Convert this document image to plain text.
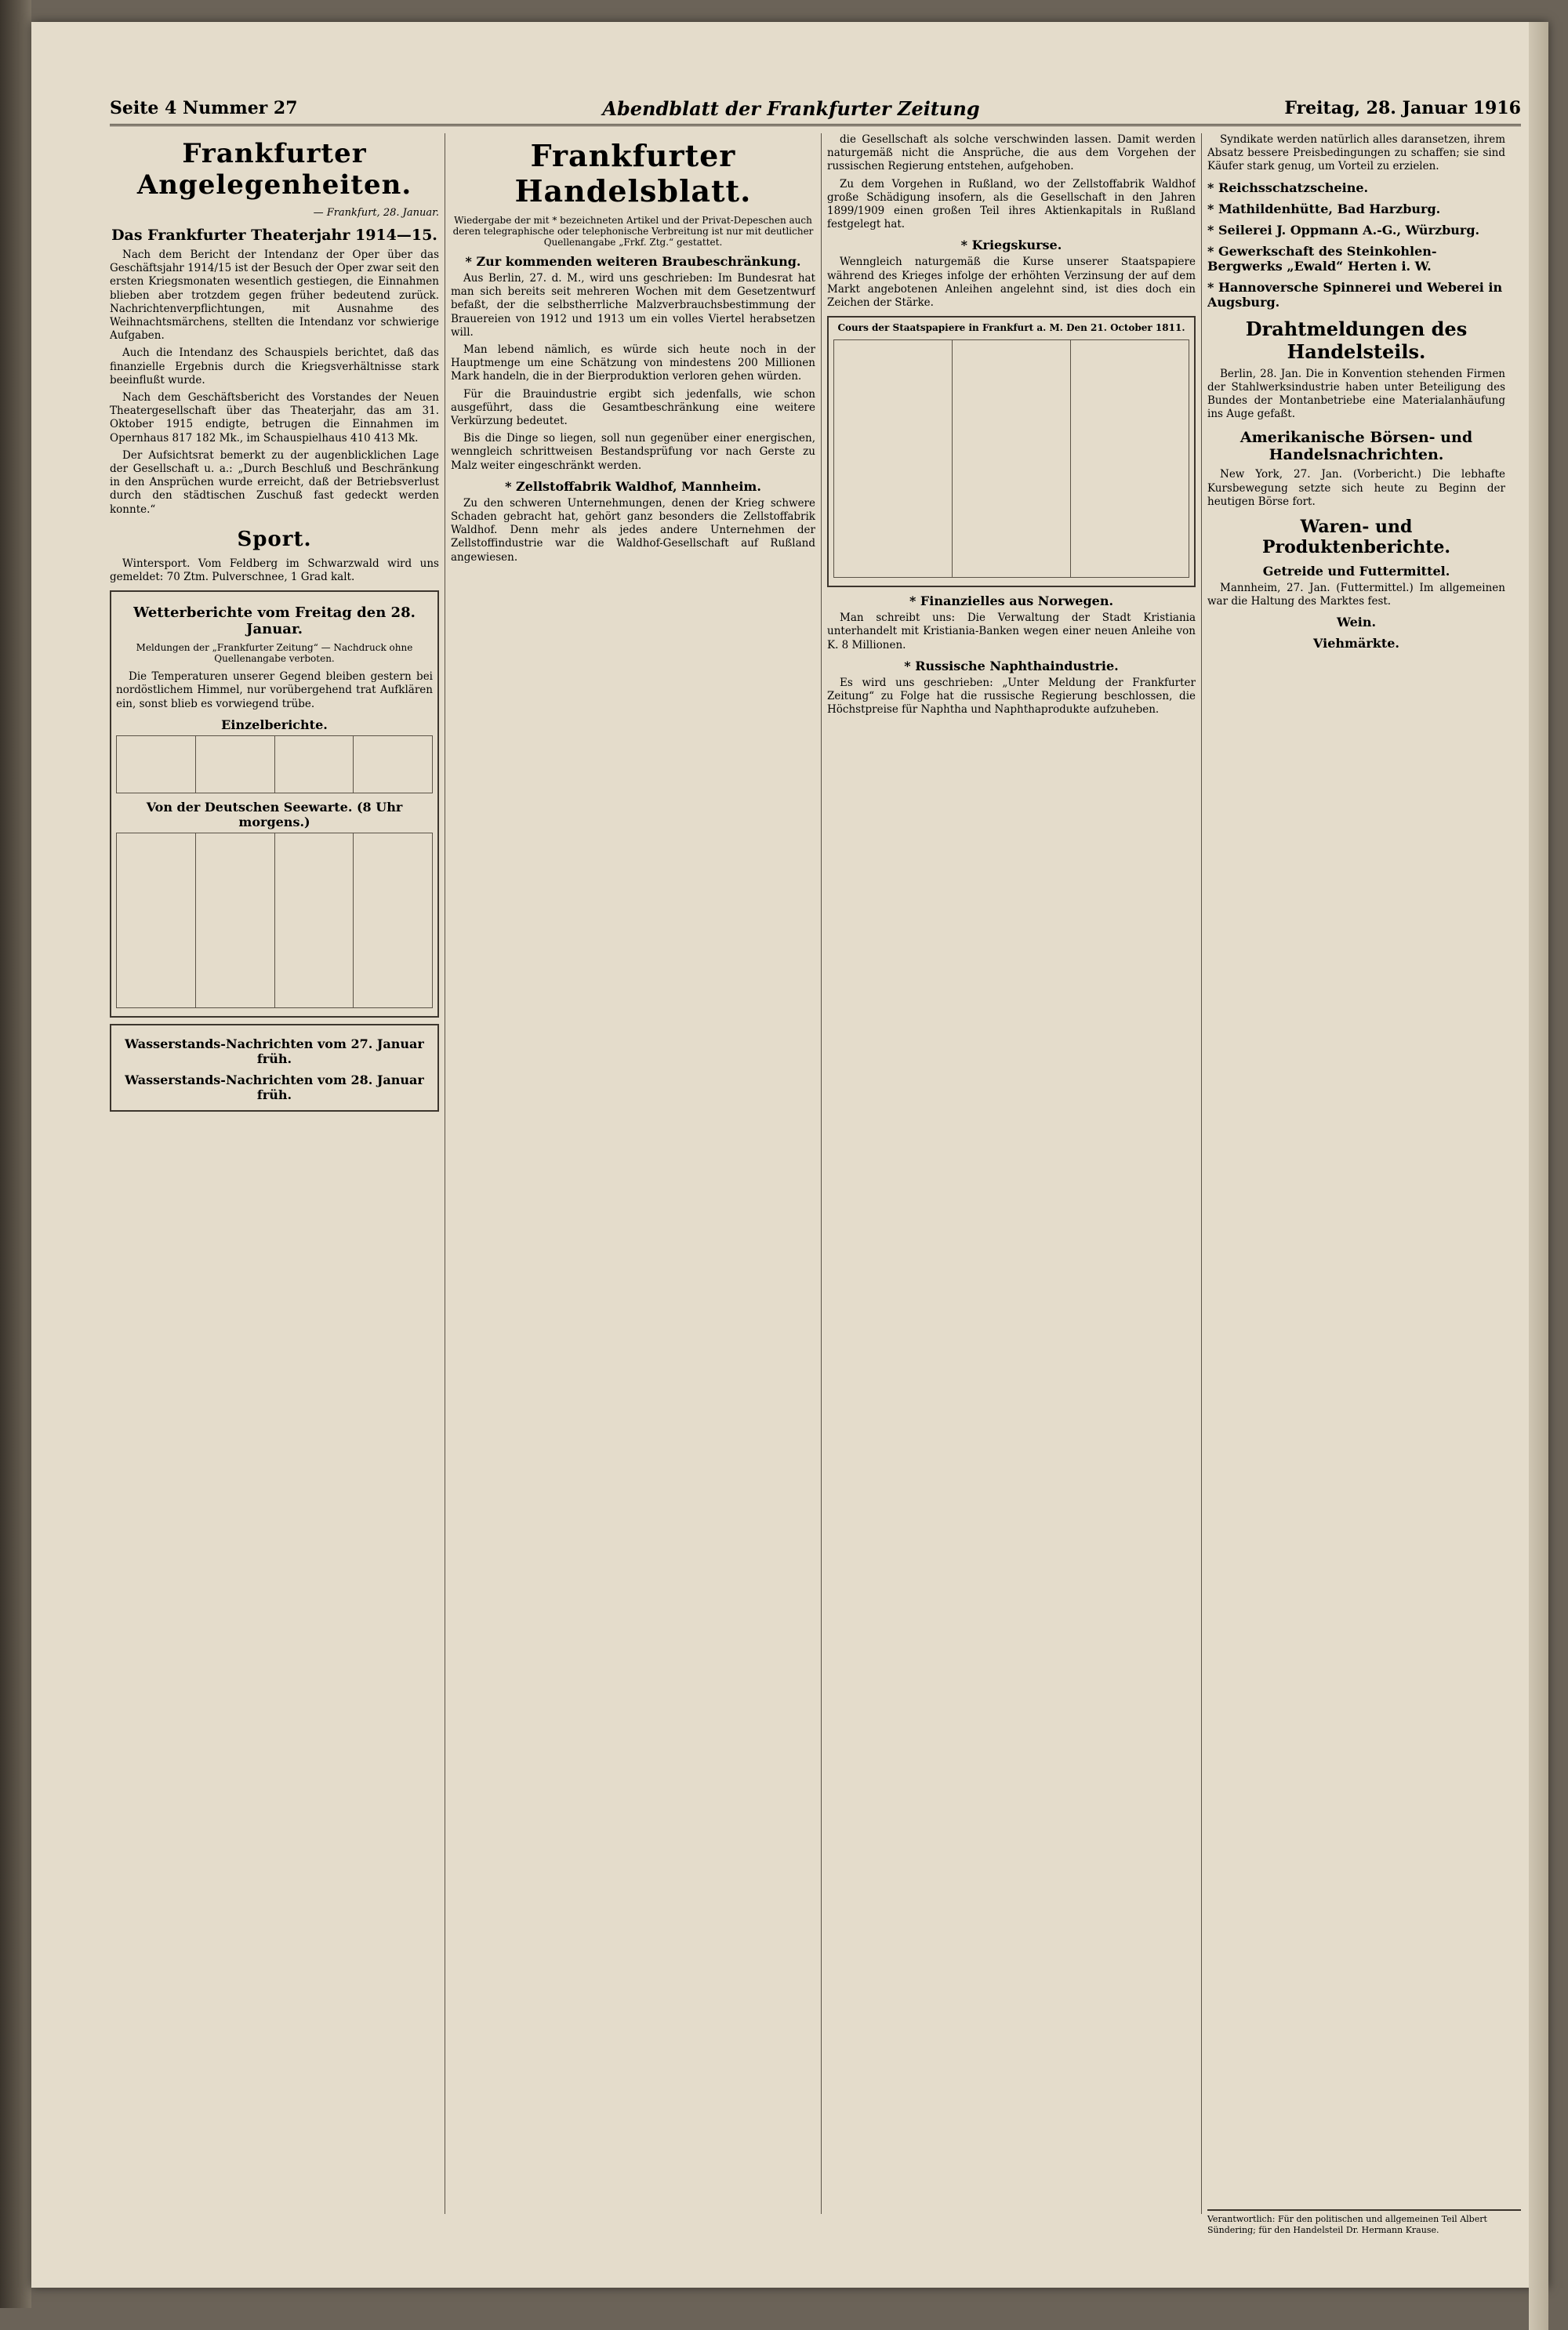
Seite 4 Nummer 27	Abendblatt der Frankfurter Zeitung	Freitag, 28. Januar 1916
Frankfurter Angelegenheiten.
— Frankfurt, 28. Januar.
Das Frankfurter Theaterjahr 1914—15.

Nach dem Bericht der Intendanz der Oper über das Geschäftsjahr 1914/15 ist der Besuch der Oper zwar seit den ersten Kriegsmonaten wesentlich gestiegen, die Einnahmen blieben aber trotzdem gegen früher bedeutend zurück. Nachrichtenverpflichtungen, mit Ausnahme des Weihnachtsmärchens, stellten die Intendanz vor schwierige Aufgaben.

Auch die Intendanz des Schauspiels berichtet, daß das finanzielle Ergebnis durch die Kriegsverhältnisse stark beeinflußt wurde.

Nach dem Geschäftsbericht des Vorstandes der Neuen Theatergesellschaft über das Theaterjahr, das am 31. Oktober 1915 endigte, betrugen die Einnahmen im Opernhaus 817 182 Mk., im Schauspielhaus 410 413 Mk.

Der Aufsichtsrat bemerkt zu der augenblicklichen Lage der Gesellschaft u. a.: „Durch Beschluß und Beschränkung in den Ansprüchen wurde erreicht, daß der Betriebsverlust durch den städtischen Zuschuß fast gedeckt werden konnte.“

Sport.

Wintersport. Vom Feldberg im Schwarzwald wird uns gemeldet: 70 Ztm. Pulverschnee, 1 Grad kalt.

Wetterberichte vom Freitag den 28. Januar.
Meldungen der „Frankfurter Zeitung“ — Nachdruck ohne Quellenangabe verboten.

Die Temperaturen unserer Gegend bleiben gestern bei nordöstlichem Himmel, nur vorübergehend trat Aufklären ein, sonst blieb es vorwiegend trübe.

Einzelberichte.

Von der Deutschen Seewarte. (8 Uhr morgens.)

Wasserstands-Nachrichten vom 27. Januar früh.
Wasserstands-Nachrichten vom 28. Januar früh.
Frankfurter Handelsblatt.
Wiedergabe der mit * bezeichneten Artikel und der Privat-Depeschen auch deren telegraphische oder telephonische Verbreitung ist nur mit deutlicher Quellenangabe „Frkf. Ztg.“ gestattet.
* Zur kommenden weiteren Braubeschränkung.

Aus Berlin, 27. d. M., wird uns geschrieben: Im Bundesrat hat man sich bereits seit mehreren Wochen mit dem Gesetzentwurf befaßt, der die selbstherrliche Malzverbrauchsbestimmung der Brauereien von 1912 und 1913 um ein volles Viertel herabsetzen will.

Man lebend nämlich, es würde sich heute noch in der Hauptmenge um eine Schätzung von mindestens 200 Millionen Mark handeln, die in der Bierproduktion verloren gehen würden.

Für die Brauindustrie ergibt sich jedenfalls, wie schon ausgeführt, dass die Gesamtbeschränkung eine weitere Verkürzung bedeutet.

Bis die Dinge so liegen, soll nun gegenüber einer energischen, wenngleich schrittweisen Bestandsprüfung vor nach Gerste zu Malz weiter eingeschränkt werden.

* Zellstoffabrik Waldhof, Mannheim.

Zu den schweren Unternehmungen, denen der Krieg schwere Schaden gebracht hat, gehört ganz besonders die Zellstoffabrik Waldhof. Denn mehr als jedes andere Unternehmen der Zellstoffindustrie war die Waldhof-Gesellschaft auf Rußland angewiesen.

die Gesellschaft als solche verschwinden lassen. Damit werden naturgemäß nicht die Ansprüche, die aus dem Vorgehen der russischen Regierung entstehen, aufgehoben.

Zu dem Vorgehen in Rußland, wo der Zellstoffabrik Waldhof große Schädigung insofern, als die Gesellschaft in den Jahren 1899/1909 einen großen Teil ihres Aktienkapitals in Rußland festgelegt hat.

* Kriegskurse.

Wenngleich naturgemäß die Kurse unserer Staatspapiere während des Krieges infolge der erhöhten Verzinsung der auf dem Markt angebotenen Anleihen angelehnt sind, ist dies doch ein Zeichen der Stärke.

Cours der Staatspapiere in Frankfurt a. M. Den 21. October 1811.

* Finanzielles aus Norwegen.

Man schreibt uns: Die Verwaltung der Stadt Kristiania unterhandelt mit Kristiania-Banken wegen einer neuen Anleihe von K. 8 Millionen.

* Russische Naphthaindustrie.

Es wird uns geschrieben: „Unter Meldung der Frankfurter Zeitung“ zu Folge hat die russische Regierung beschlossen, die Höchstpreise für Naphtha und Naphthaprodukte aufzuheben.

Syndikate werden natürlich alles daransetzen, ihrem Absatz bessere Preisbedingungen zu schaffen; sie sind Käufer stark genug, um Vorteil zu erzielen.

* Reichsschatzscheine.
* Mathildenhütte, Bad Harzburg.
* Seilerei J. Oppmann A.-G., Würzburg.
* Gewerkschaft des Steinkohlen-Bergwerks „Ewald“ Herten i. W.
* Hannoversche Spinnerei und Weberei in Augsburg.
Drahtmeldungen des Handelsteils.

Berlin, 28. Jan. Die in Konvention stehenden Firmen der Stahlwerksindustrie haben unter Beteiligung des Bundes der Montanbetriebe eine Materialanhäufung ins Auge gefaßt.

Amerikanische Börsen- und Handelsnachrichten.

New York, 27. Jan. (Vorbericht.) Die lebhafte Kursbewegung setzte sich heute zu Beginn der heutigen Börse fort.

Waren- und Produktenberichte.
Getreide und Futtermittel.

Mannheim, 27. Jan. (Futtermittel.) Im allgemeinen war die Haltung des Marktes fest.

Wein.
Viehmärkte.
Verantwortlich: Für den politischen und allgemeinen Teil Albert Sündering; für den Handelsteil Dr. Hermann Krause.
